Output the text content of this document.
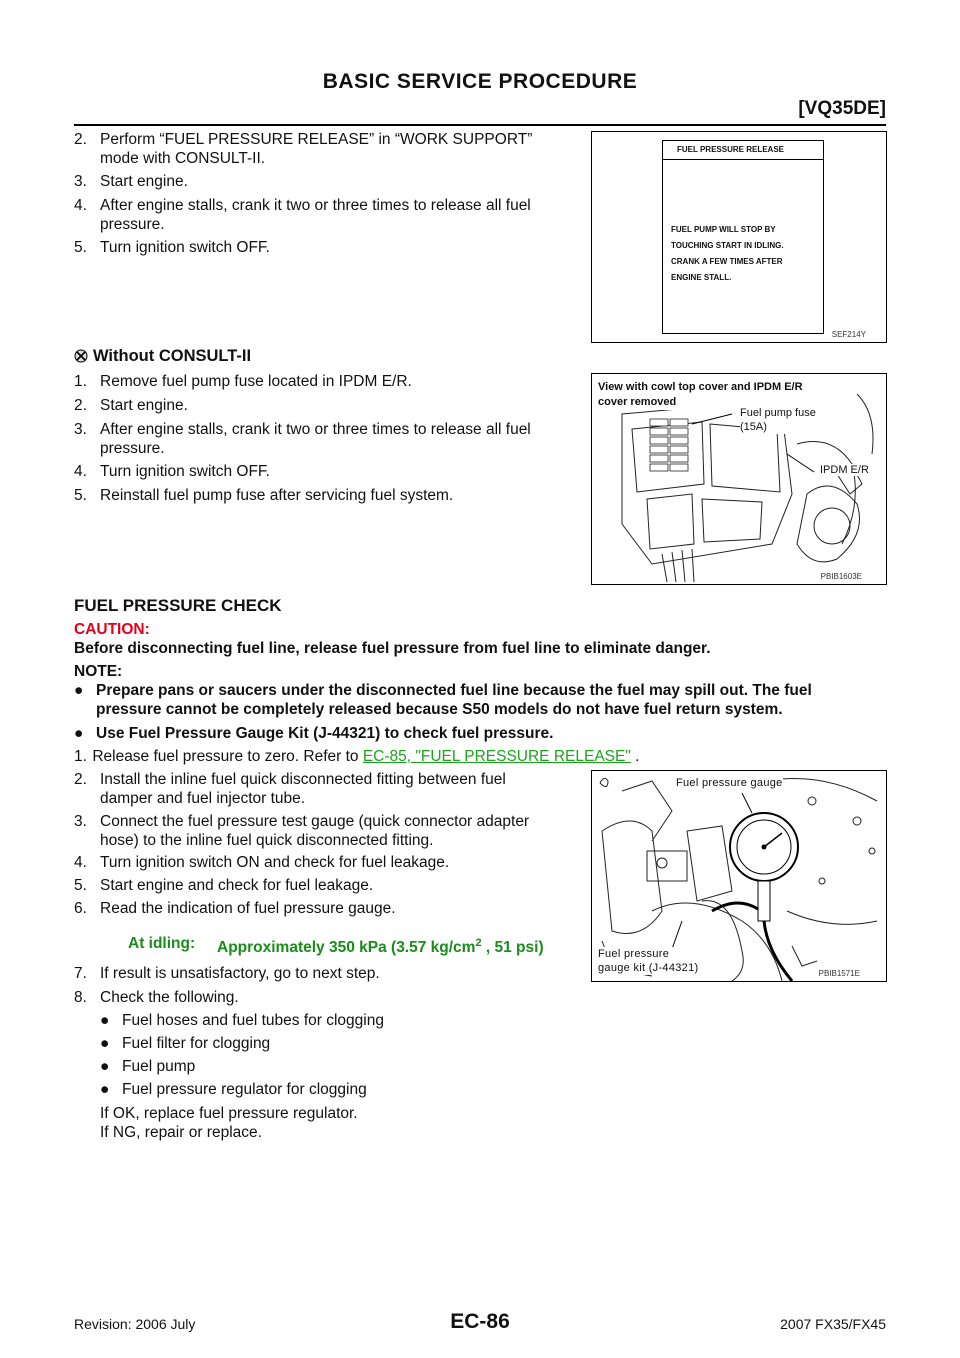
BASIC SERVICE PROCEDURE
[VQ35DE]
2. Perform “FUEL PRESSURE RELEASE” in “WORK SUPPORT”
mode with CONSULT-II.
3. Start engine.
4. After engine stalls, crank it two or three times to release all fuel
pressure.
5. Turn ignition switch OFF.
FUEL PRESSURE RELEASE
FUEL PUMP WILL STOP BY
TOUCHING START IN IDLING.
CRANK A FEW TIMES AFTER
ENGINE STALL.
SEF214Y
Without CONSULT-II
1. Remove fuel pump fuse located in IPDM E/R.
2. Start engine.
3. After engine stalls, crank it two or three times to release all fuel
pressure.
4. Turn ignition switch OFF.
5. Reinstall fuel pump fuse after servicing fuel system.
View with cowl top cover and IPDM E/R
cover removed
Fuel pump fuse
(15A)
IPDM E/R
PBIB1603E
FUEL PRESSURE CHECK
CAUTION:
Before disconnecting fuel line, release fuel pressure from fuel line to eliminate danger.
NOTE:
● Prepare pans or saucers under the disconnected fuel line because the fuel may spill out. The fuel
pressure cannot be completely released because S50 models do not have fuel return system.
● Use Fuel Pressure Gauge Kit (J-44321) to check fuel pressure.
1. Release fuel pressure to zero. Refer to EC-85, "FUEL PRESSURE RELEASE" .
2. Install the inline fuel quick disconnected fitting between fuel
damper and fuel injector tube.
3. Connect the fuel pressure test gauge (quick connector adapter
hose) to the inline fuel quick disconnected fitting.
4. Turn ignition switch ON and check for fuel leakage.
5. Start engine and check for fuel leakage.
6. Read the indication of fuel pressure gauge.
At idling: Approximately 350 kPa (3.57 $kg/cm^2$ , 51 psi)
7. If result is unsatisfactory, go to next step.
8. Check the following.
● Fuel hoses and fuel tubes for clogging
● Fuel filter for clogging
● Fuel pump
● Fuel pressure regulator for clogging
If OK, replace fuel pressure regulator.
If NG, repair or replace.
Fuel pressure gauge
Fuel pressure
gauge kit (J-44321)	PBIB1571E
Revision: 2006 July	EC-86	2007 FX35/FX45
